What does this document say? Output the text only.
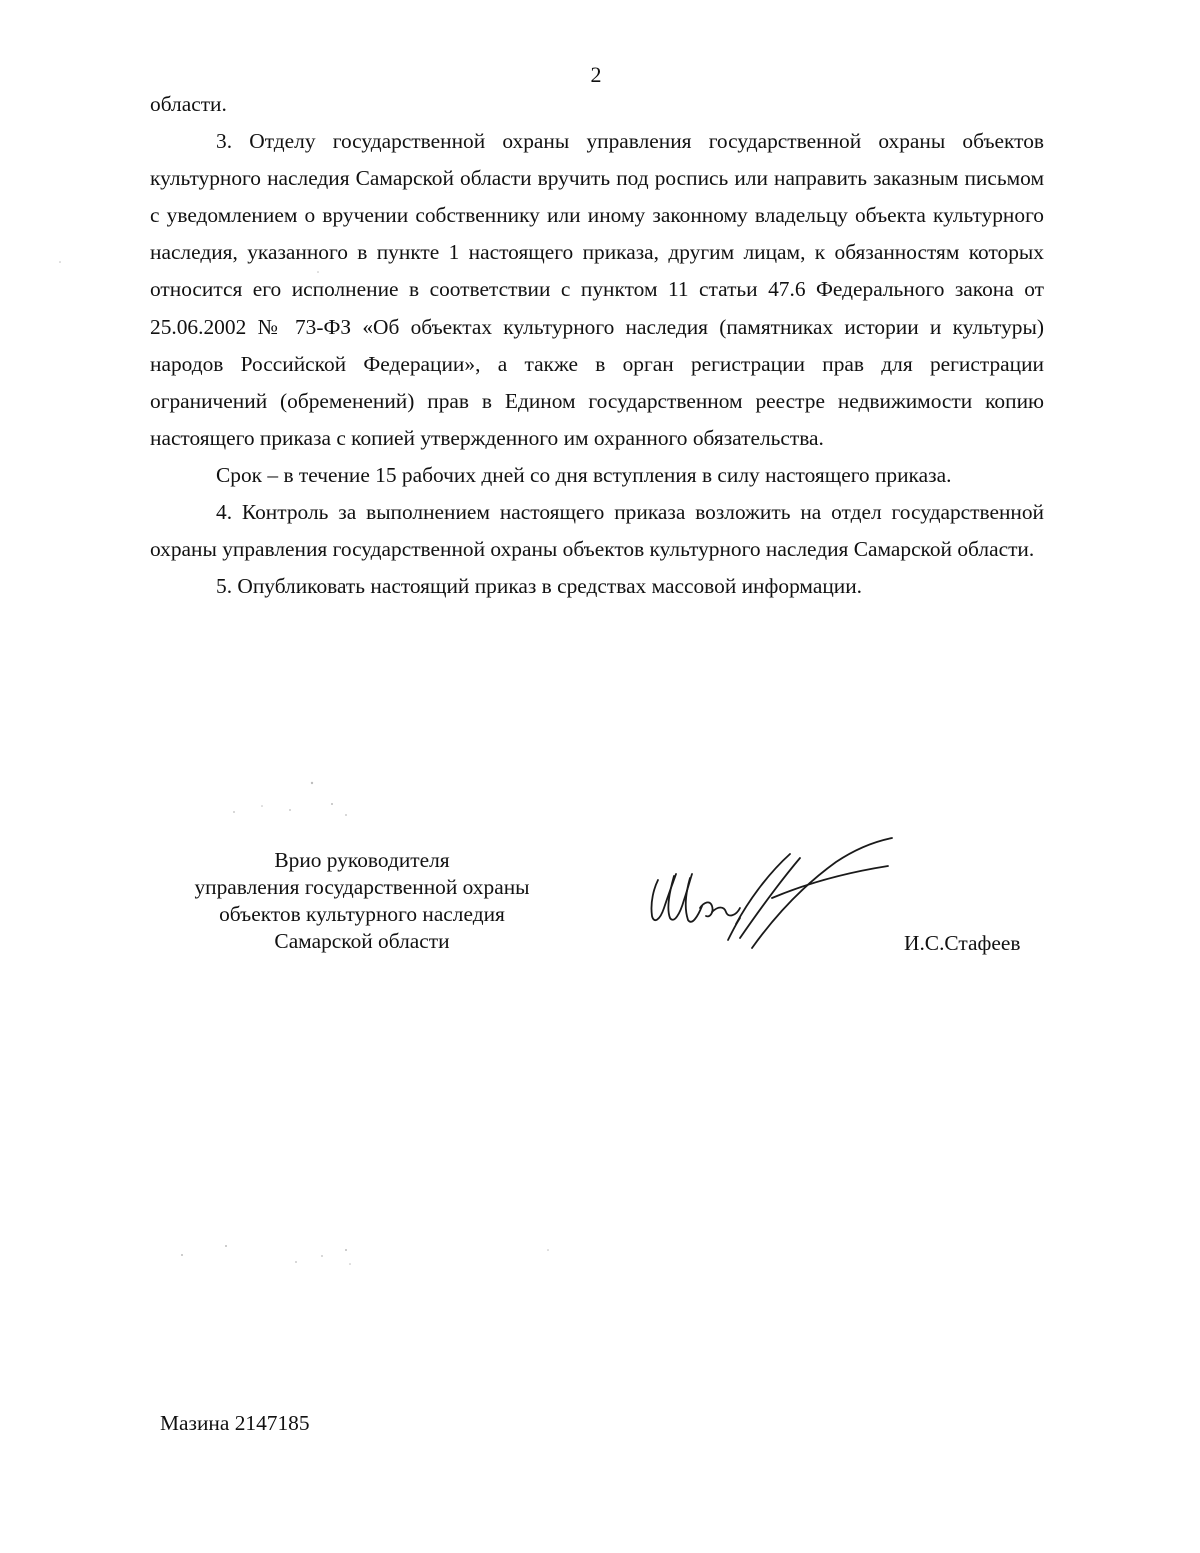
2

области.

3. Отделу государственной охраны управления государственной охраны объектов культурного наследия Самарской области вручить под роспись или направить заказным письмом с уведомлением о вручении собственнику или иному законному владельцу объекта культурного наследия, указанного в пункте 1 настоящего приказа, другим лицам, к обязанностям которых относится его исполнение в соответствии с пунктом 11 статьи 47.6 Федерального закона от 25.06.2002 № 73-ФЗ «Об объектах культурного наследия (памятниках истории и культуры) народов Российской Федерации», а также в орган регистрации прав для регистрации ограничений (обременений) прав в Едином государственном реестре недвижимости копию настоящего приказа с копией утвержденного им охранного обязательства.

Срок – в течение 15 рабочих дней со дня вступления в силу настоящего приказа.

4. Контроль за выполнением настоящего приказа возложить на отдел государственной охраны управления государственной охраны объектов культурного наследия Самарской области.

5. Опубликовать настоящий приказ в средствах массовой информации.

Врио руководителя
управления государственной охраны
объектов культурного наследия
Самарской области	И.С.Стафеев
Мазина 2147185
